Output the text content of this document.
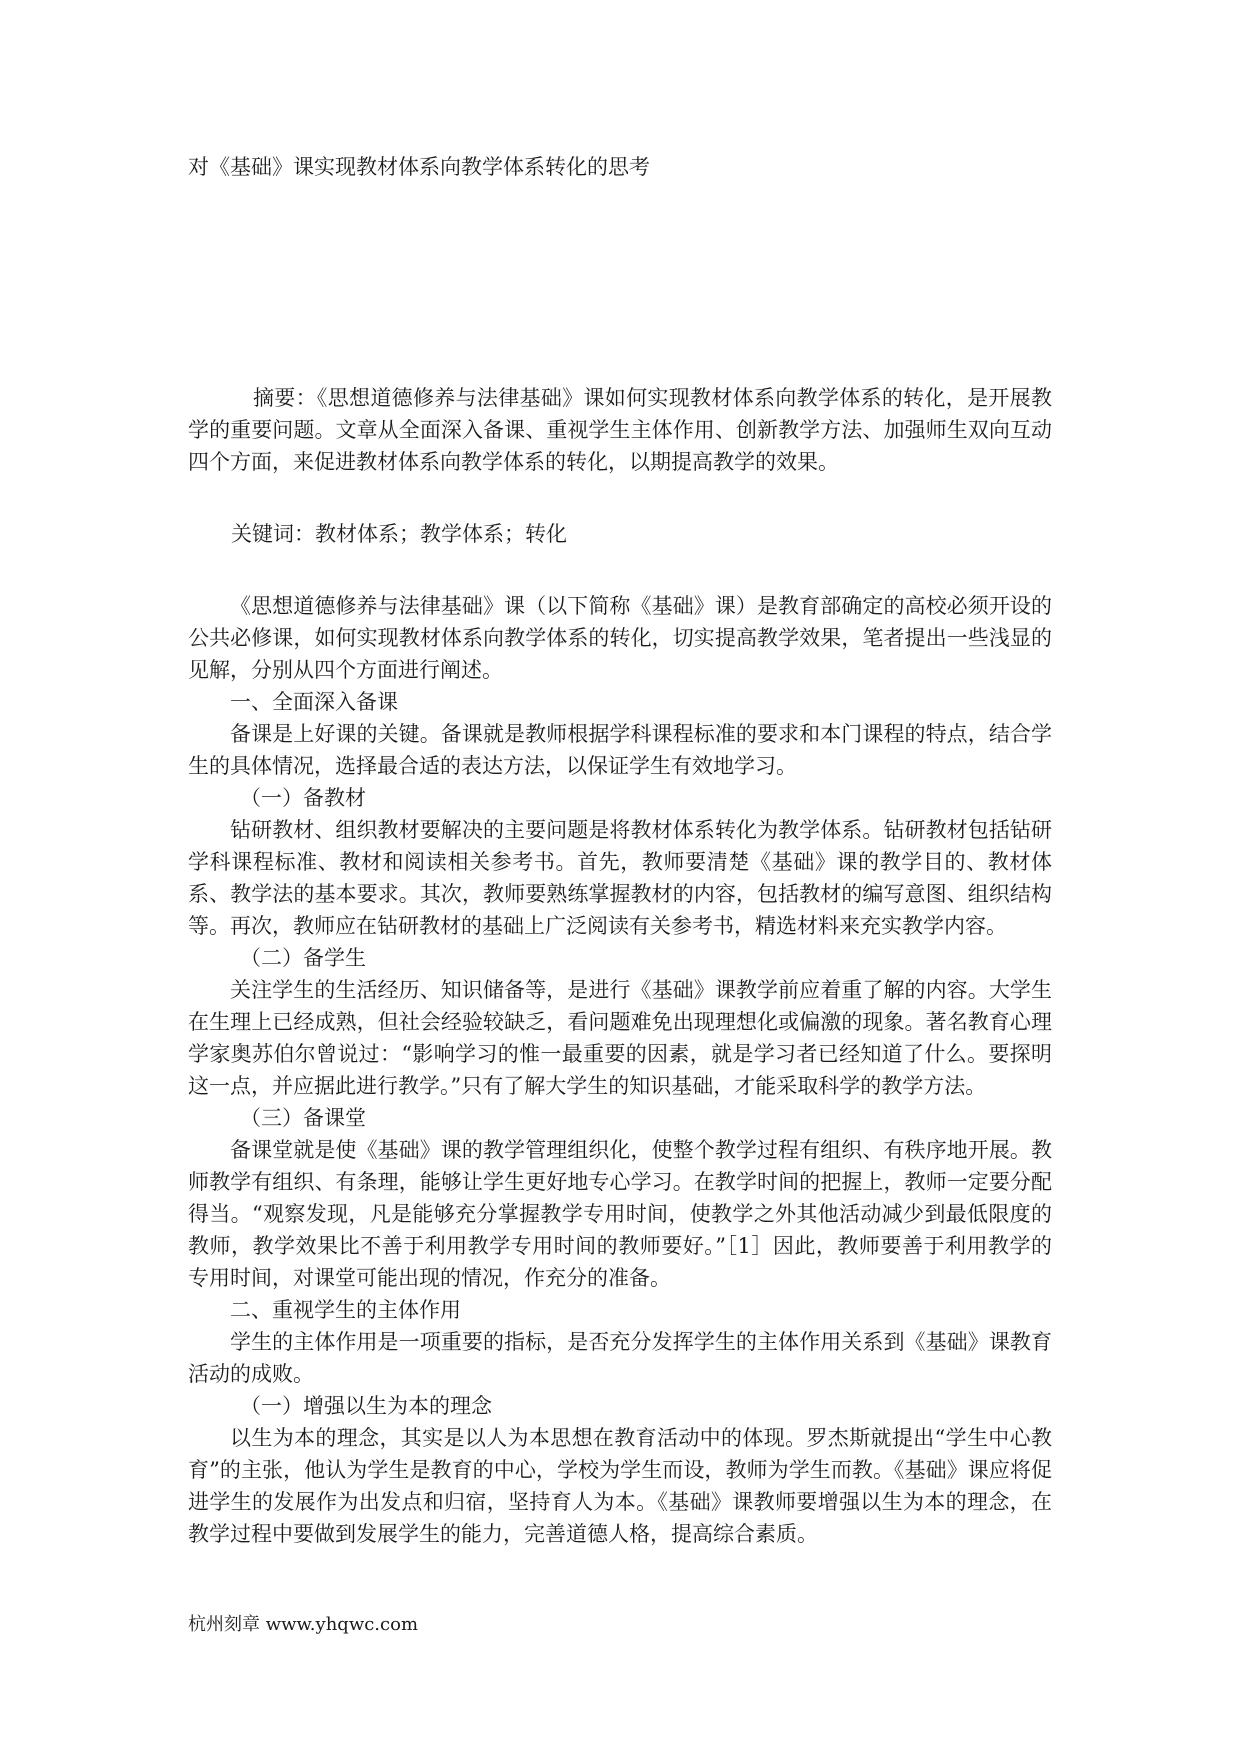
对《基础》课实现教材体系向教学体系转化的思考

摘要：《思想道德修养与法律基础》课如何实现教材体系向教学体系的转化，是开展教学的重要问题。文章从全面深入备课、重视学生主体作用、创新教学方法、加强师生双向互动四个方面，来促进教材体系向教学体系的转化，以期提高教学的效果。

关键词：教材体系；教学体系；转化

《思想道德修养与法律基础》课（以下简称《基础》课）是教育部确定的高校必须开设的公共必修课，如何实现教材体系向教学体系的转化，切实提高教学效果，笔者提出一些浅显的见解，分别从四个方面进行阐述。

一、全面深入备课

备课是上好课的关键。备课就是教师根据学科课程标准的要求和本门课程的特点，结合学生的具体情况，选择最合适的表达方法，以保证学生有效地学习。

（一）备教材

钻研教材、组织教材要解决的主要问题是将教材体系转化为教学体系。钻研教材包括钻研学科课程标准、教材和阅读相关参考书。首先，教师要清楚《基础》课的教学目的、教材体系、教学法的基本要求。其次，教师要熟练掌握教材的内容，包括教材的编写意图、组织结构等。再次，教师应在钻研教材的基础上广泛阅读有关参考书，精选材料来充实教学内容。

（二）备学生

关注学生的生活经历、知识储备等，是进行《基础》课教学前应着重了解的内容。大学生在生理上已经成熟，但社会经验较缺乏，看问题难免出现理想化或偏激的现象。著名教育心理学家奥苏伯尔曾说过：“影响学习的惟一最重要的因素，就是学习者已经知道了什么。要探明这一点，并应据此进行教学。”只有了解大学生的知识基础，才能采取科学的教学方法。

（三）备课堂

备课堂就是使《基础》课的教学管理组织化，使整个教学过程有组织、有秩序地开展。教师教学有组织、有条理，能够让学生更好地专心学习。在教学时间的把握上，教师一定要分配得当。“观察发现，凡是能够充分掌握教学专用时间，使教学之外其他活动减少到最低限度的教师，教学效果比不善于利用教学专用时间的教师要好。”［1］因此，教师要善于利用教学的专用时间，对课堂可能出现的情况，作充分的准备。

二、重视学生的主体作用

学生的主体作用是一项重要的指标，是否充分发挥学生的主体作用关系到《基础》课教育活动的成败。

（一）增强以生为本的理念

以生为本的理念，其实是以人为本思想在教育活动中的体现。罗杰斯就提出“学生中心教育”的主张，他认为学生是教育的中心，学校为学生而设，教师为学生而教。《基础》课应将促进学生的发展作为出发点和归宿，坚持育人为本。《基础》课教师要增强以生为本的理念，在教学过程中要做到发展学生的能力，完善道德人格，提高综合素质。

杭州刻章 www.yhqwc.com
